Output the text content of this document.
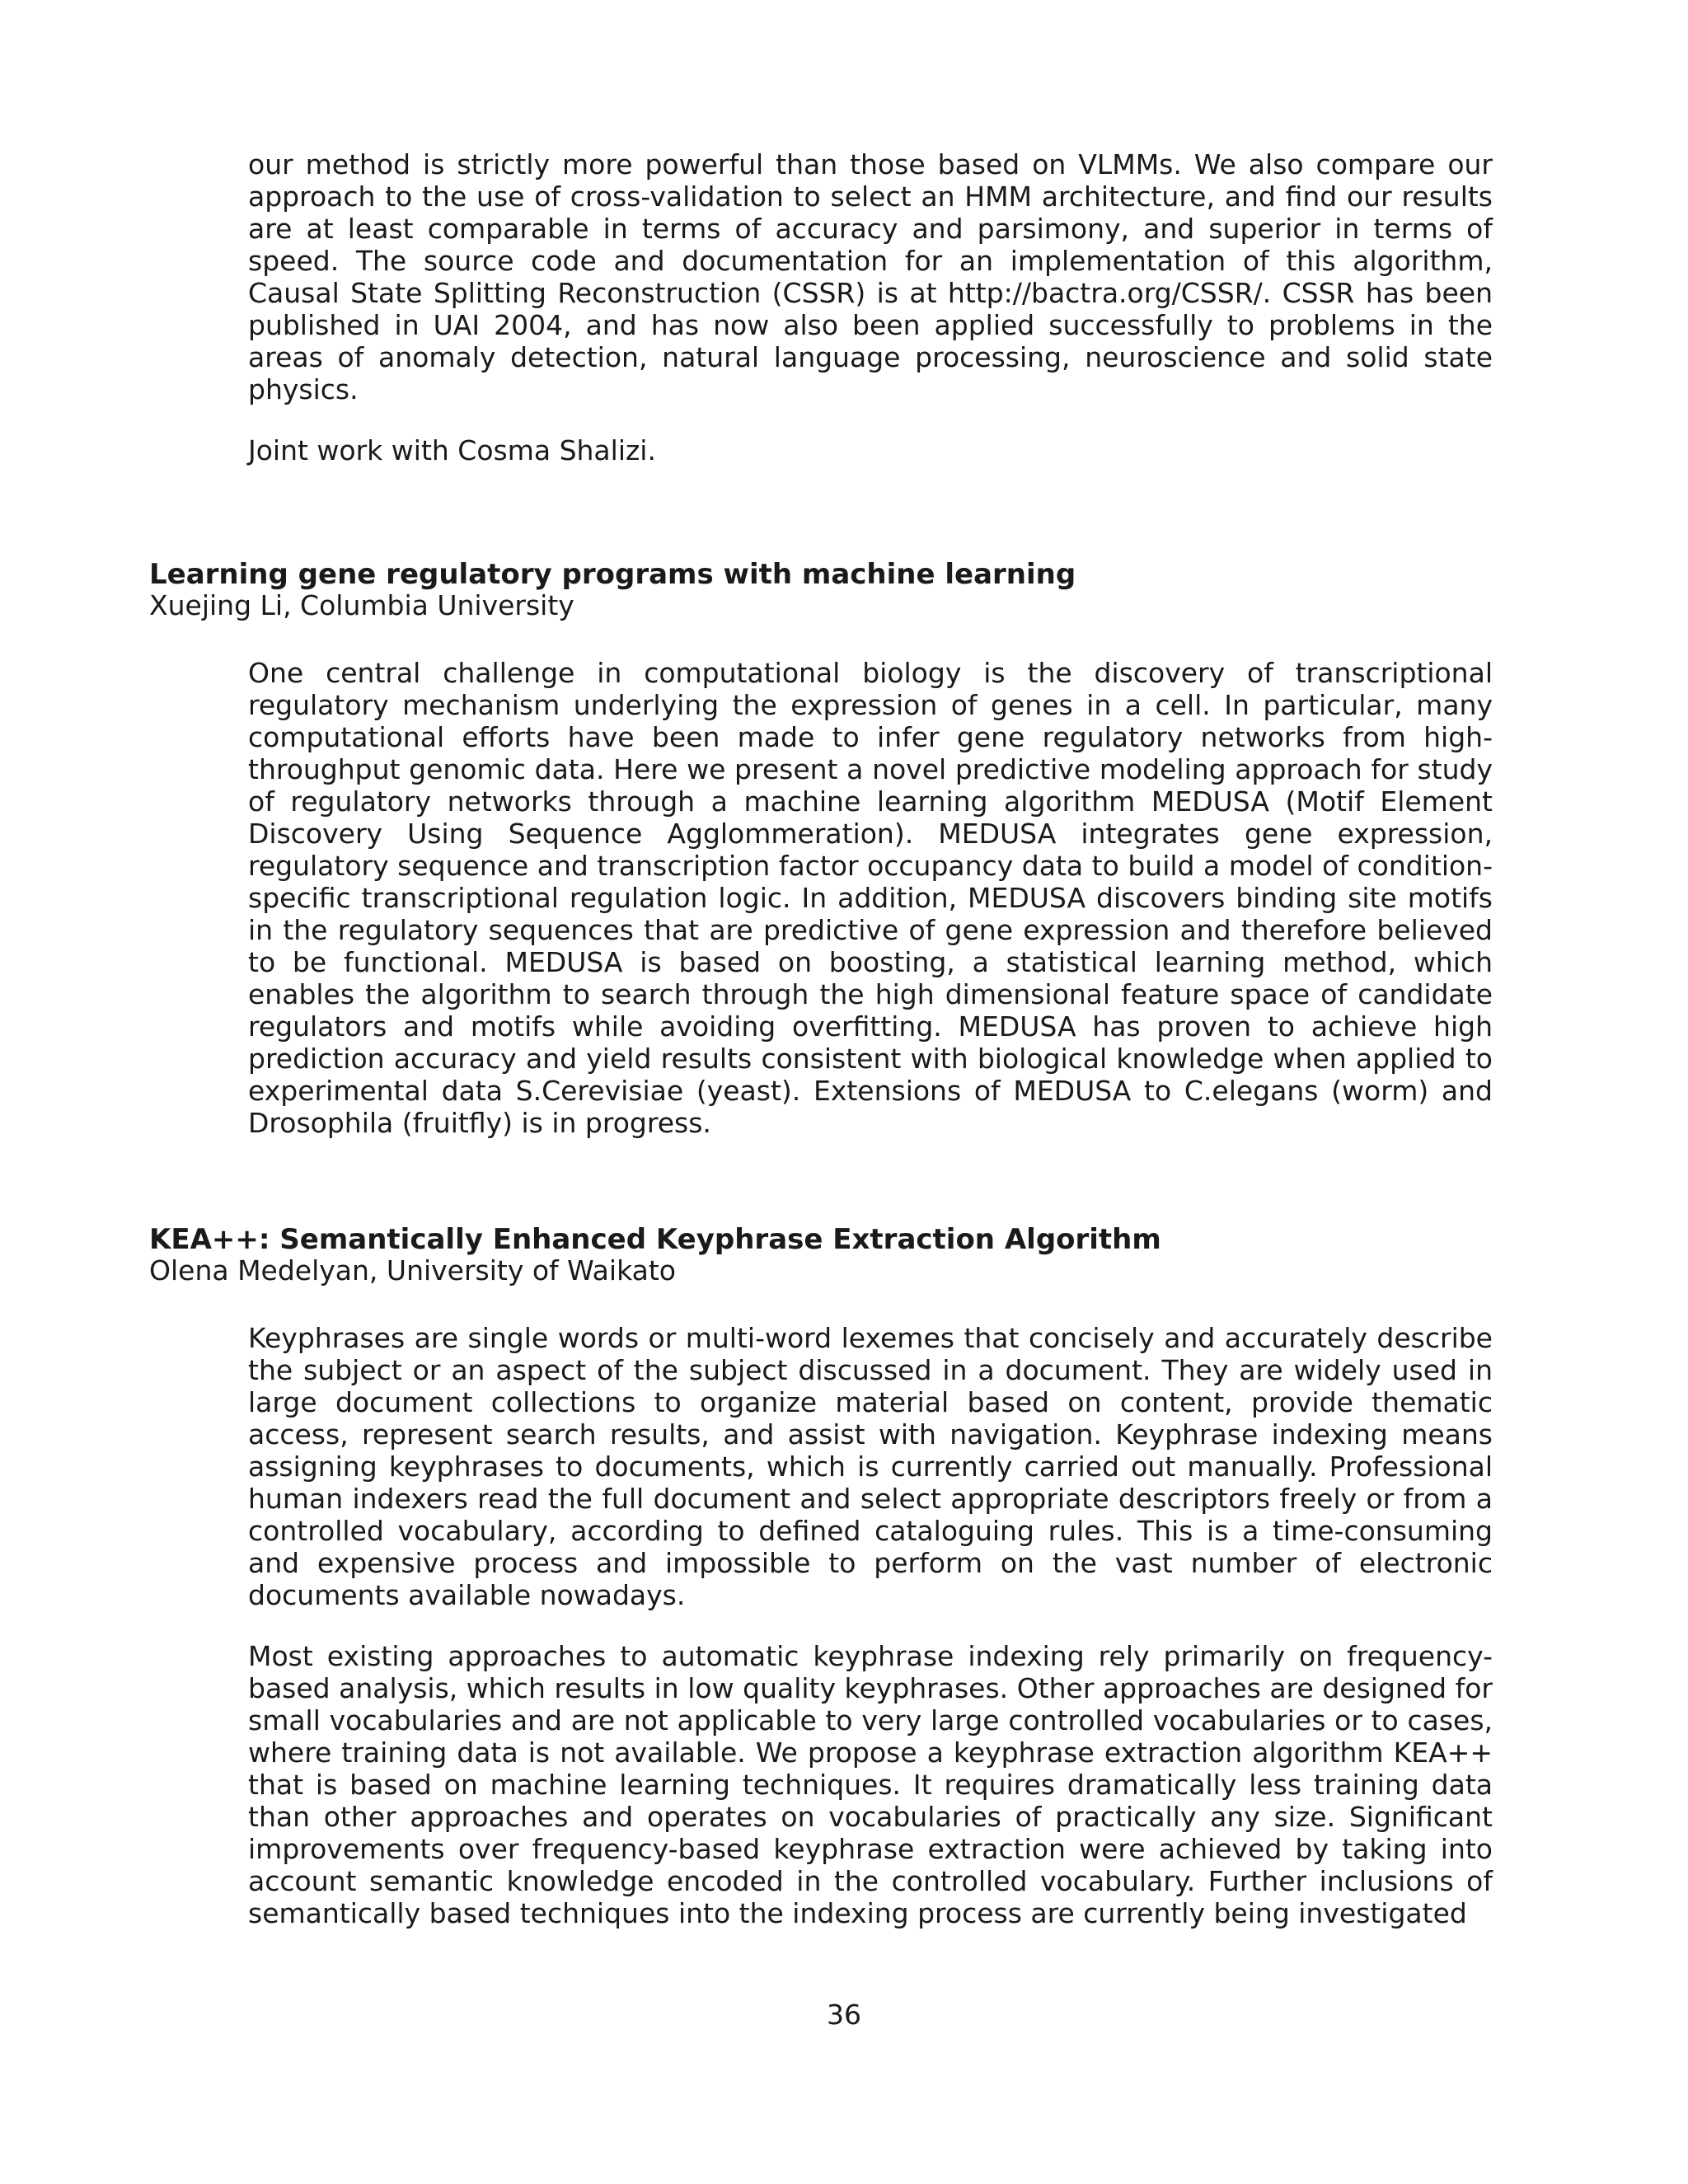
our method is strictly more powerful than those based on VLMMs. We also compare our approach to the use of cross-validation to select an HMM architecture, and find our results are at least comparable in terms of accuracy and parsimony, and superior in terms of speed. The source code and documentation for an implementation of this algorithm, Causal State Splitting Reconstruction (CSSR) is at http://bactra.org/CSSR/. CSSR has been published in UAI 2004, and has now also been applied successfully to problems in the areas of anomaly detection, natural language processing, neuroscience and solid state physics.

Joint work with Cosma Shalizi.

Learning gene regulatory programs with machine learning

Xuejing Li, Columbia University

One central challenge in computational biology is the discovery of transcriptional regulatory mechanism underlying the expression of genes in a cell. In particular, many computational efforts have been made to infer gene regulatory networks from high-throughput genomic data. Here we present a novel predictive modeling approach for study of regulatory networks through a machine learning algorithm MEDUSA (Motif Element Discovery Using Sequence Agglommeration). MEDUSA integrates gene expression, regulatory sequence and transcription factor occupancy data to build a model of condition-specific transcriptional regulation logic. In addition, MEDUSA discovers binding site motifs in the regulatory sequences that are predictive of gene expression and therefore believed to be functional. MEDUSA is based on boosting, a statistical learning method, which enables the algorithm to search through the high dimensional feature space of candidate regulators and motifs while avoiding overfitting. MEDUSA has proven to achieve high prediction accuracy and yield results consistent with biological knowledge when applied to experimental data S.Cerevisiae (yeast). Extensions of MEDUSA to C.elegans (worm) and Drosophila (fruitfly) is in progress.

KEA++: Semantically Enhanced Keyphrase Extraction Algorithm

Olena Medelyan, University of Waikato

Keyphrases are single words or multi-word lexemes that concisely and accurately describe the subject or an aspect of the subject discussed in a document. They are widely used in large document collections to organize material based on content, provide thematic access, represent search results, and assist with navigation. Keyphrase indexing means assigning keyphrases to documents, which is currently carried out manually. Professional human indexers read the full document and select appropriate descriptors freely or from a controlled vocabulary, according to defined cataloguing rules. This is a time-consuming and expensive process and impossible to perform on the vast number of electronic documents available nowadays.

Most existing approaches to automatic keyphrase indexing rely primarily on frequency-based analysis, which results in low quality keyphrases. Other approaches are designed for small vocabularies and are not applicable to very large controlled vocabularies or to cases, where training data is not available. We propose a keyphrase extraction algorithm KEA++ that is based on machine learning techniques. It requires dramatically less training data than other approaches and operates on vocabularies of practically any size. Significant improvements over frequency-based keyphrase extraction were achieved by taking into account semantic knowledge encoded in the controlled vocabulary. Further inclusions of semantically based techniques into the indexing process are currently being investigated

36
